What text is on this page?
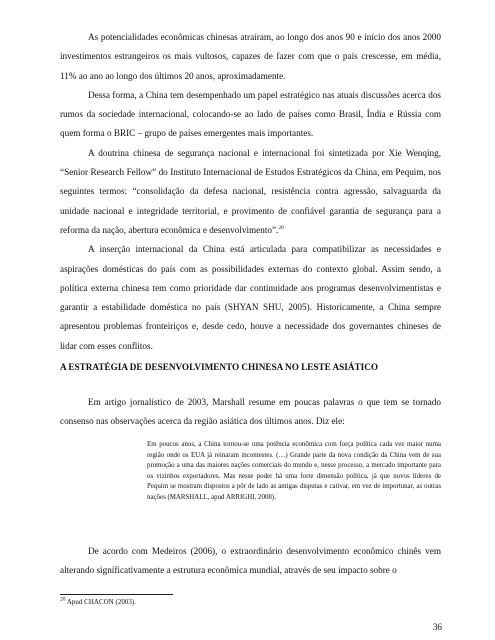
As potencialidades econômicas chinesas atraíram, ao longo dos anos 90 e início dos anos 2000 investimentos estrangeiros os mais vultosos, capazes de fazer com que o país crescesse, em média, 11% ao ano ao longo dos últimos 20 anos, aproximadamente.

Dessa forma, a China tem desempenhado um papel estratégico nas atuais discussões acerca dos rumos da sociedade internacional, colocando-se ao lado de países como Brasil, Índia e Rússia com quem forma o BRIC – grupo de países emergentes mais importantes.

A doutrina chinesa de segurança nacional e internacional foi sintetizada por Xie Wenqing, “Senior Research Fellow” do Instituto Internacional de Estudos Estratégicos da China, em Pequim, nos seguintes termos: “consolidação da defesa nacional, resistência contra agressão, salvaguarda da unidade nacional e integridade territorial, e provimento de confiável garantia de segurança para a reforma da nação, abertura econômica e desenvolvimento”.$^{20}$

A inserção internacional da China está articulada para compatibilizar as necessidades e aspirações domésticas do país com as possibilidades externas do contexto global. Assim sendo, a política externa chinesa tem como prioridade dar continuidade aos programas desenvolvimentistas e garantir a estabilidade doméstica no país (SHYAN SHU, 2005). Historicamente, a China sempre apresentou problemas fronteiriços e, desde cedo, houve a necessidade dos governantes chineses de lidar com esses conflitos.

A ESTRATÉGIA DE DESENVOLVIMENTO CHINESA NO LESTE ASIÁTICO

Em artigo jornalístico de 2003, Marshall resume em poucas palavras o que tem se tornado consenso nas observações acerca da região asiática dos últimos anos. Diz ele:

Em poucos anos, a China tornou-se uma potência econômica com força política cada vez maior numa região onde os EUA já reinaram incontestes. (…) Grande parte da nova condição da China vem de sua promoção a uma das maiores nações comerciais do mundo e, nesse processo, a mercado importante para os vizinhos exportadores. Mas nesse poder há uma forte dimensão política, já que novos líderes de Pequim se mostram dispostos a pôr de lado as antigas disputas e cativar, em vez de importunar, as outras nações (MARSHALL, apud ARRIGHI, 2008).

De acordo com Medeiros (2006), o extraordinário desenvolvimento econômico chinês vem alterando significativamente a estrutura econômica mundial, através de seu impacto sobre o

$^{20}$ Apud CHACON (2003).
36
